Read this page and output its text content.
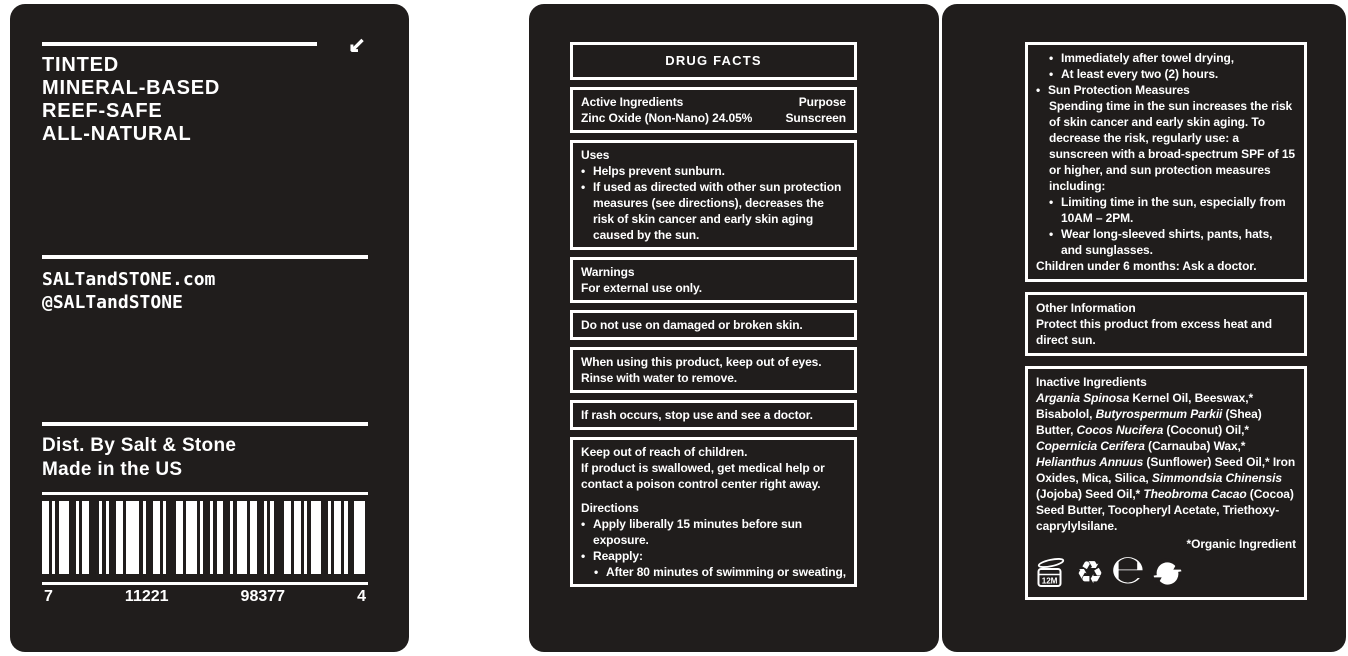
↙
TINTED
MINERAL-BASED
REEF-SAFE
ALL-NATURAL
SALTandSTONE.com
@SALTandSTONE
Dist. By Salt & Stone
Made in the US
7	11221	98377	4
DRUG FACTS
Active Ingredients	Purpose
Zinc Oxide (Non-Nano) 24.05%	Sunscreen
Uses
• Helps prevent sunburn.
• If used as directed with other sun protection measures (see directions), decreases the risk of skin cancer and early skin aging caused by the sun.
Warnings
For external use only.
Do not use on damaged or broken skin.
When using this product, keep out of eyes. Rinse with water to remove.
If rash occurs, stop use and see a doctor.
Keep out of reach of children.
If product is swallowed, get medical help or contact a poison control center right away.
Directions
• Apply liberally 15 minutes before sun exposure.
• Reapply:
• After 80 minutes of swimming or sweating,
• Immediately after towel drying,
• At least every two (2) hours.
• Sun Protection Measures
Spending time in the sun increases the risk of skin cancer and early skin aging. To decrease the risk, regularly use: a sunscreen with a broad-spectrum SPF of 15 or higher, and sun protection measures including:
• Limiting time in the sun, especially from 10AM – 2PM.
• Wear long-sleeved shirts, pants, hats, and sunglasses.
Children under 6 months: Ask a doctor.
Other Information
Protect this product from excess heat and direct sun.
Inactive Ingredients
Argania Spinosa Kernel Oil, Beeswax,* Bisabolol, Butyrospermum Parkii (Shea) Butter, Cocos Nucifera (Coconut) Oil,* Copernicia Cerifera (Carnauba) Wax,* Helianthus Annuus (Sunflower) Seed Oil,* Iron Oxides, Mica, Silica, Simmondsia Chinensis (Jojoba) Seed Oil,* Theobroma Cacao (Cocoa) Seed Butter, Tocopheryl Acetate, Triethoxy-caprylylsilane.
*Organic Ingredient
12M ♻ ℮
